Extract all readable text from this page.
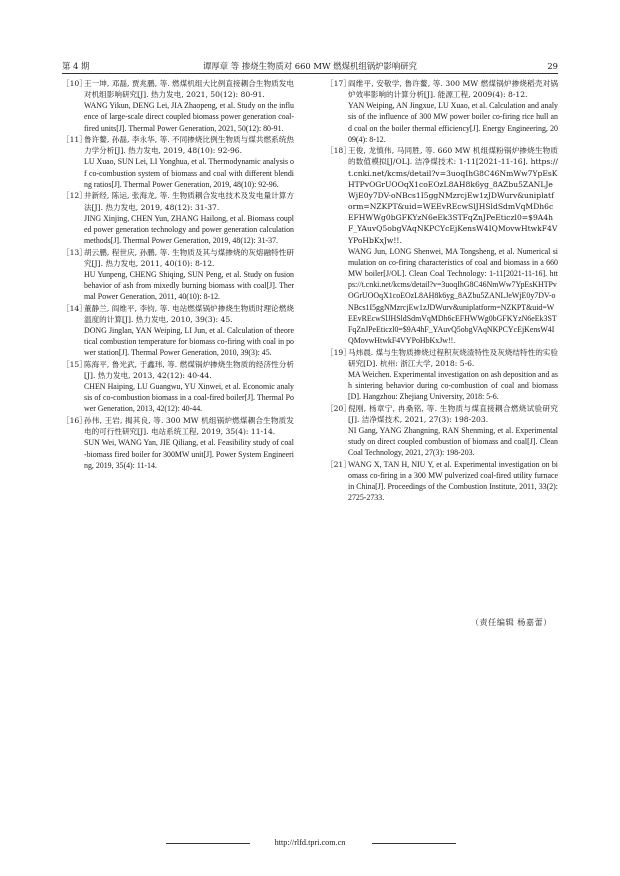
第 4 期	谭厚章 等 掺烧生物质对 660 MW 燃煤机组锅炉影响研究	29
［10］
王一坤, 邓磊, 贾兆鹏, 等. 燃煤机组大比例直接耦合生物质发电对机组影响研究[J]. 热力发电, 2021, 50(12): 80-91.
WANG Yikun, DENG Lei, JIA Zhaopeng, et al. Study on the influence of large-scale direct coupled biomass power generation coal-fired units[J]. Thermal Power Generation, 2021, 50(12): 80-91.
［11］
鲁许鳌, 孙磊, 李永华, 等. 不同掺烧比例生物质与煤共燃系统热力学分析[J]. 热力发电, 2019, 48(10): 92-96.
LU Xuao, SUN Lei, LI Yonghua, et al. Thermodynamic analysis of co-combustion system of biomass and coal with different blending ratios[J]. Thermal Power Generation, 2019, 48(10): 92-96.
［12］
井新经, 陈运, 张海龙, 等. 生物质耦合发电技术及发电量计算方法[J]. 热力发电, 2019, 48(12): 31-37.
JING Xinjing, CHEN Yun, ZHANG Hailong, et al. Biomass coupled power generation technology and power generation calculation methods[J]. Thermal Power Generation, 2019, 48(12): 31-37.
［13］
胡云鹏, 程世庆, 孙鹏, 等. 生物质及其与煤掺烧的灰熔融特性研究[J]. 热力发电, 2011, 40(10): 8-12.
HU Yunpeng, CHENG Shiqing, SUN Peng, et al. Study on fusion behavior of ash from mixedly burning biomass with coal[J]. Thermal Power Generation, 2011, 40(10): 8-12.
［14］
董静兰, 阎维平, 李钧, 等. 电站燃煤锅炉掺烧生物质时理论燃烧温度的计算[J]. 热力发电, 2010, 39(3): 45.
DONG Jinglan, YAN Weiping, LI Jun, et al. Calculation of theoretical combustion temperature for biomass co-firing with coal in power station[J]. Thermal Power Generation, 2010, 39(3): 45.
［15］
陈海平, 鲁光武, 于鑫玮, 等. 燃煤锅炉掺烧生物质的经济性分析[J]. 热力发电, 2013, 42(12): 40-44.
CHEN Haiping, LU Guangwu, YU Xinwei, et al. Economic analysis of co-combustion biomass in a coal-fired boiler[J]. Thermal Power Generation, 2013, 42(12): 40-44.
［16］
孙伟, 王岩, 揭其良, 等. 300 MW 机组锅炉燃煤耦合生物质发电的可行性研究[J]. 电站系统工程, 2019, 35(4): 11-14.
SUN Wei, WANG Yan, JIE Qiliang, et al. Feasibility study of coal-biomass fired boiler for 300MW unit[J]. Power System Engineering, 2019, 35(4): 11-14.
［17］
阎维平, 安敬学, 鲁许鳌, 等. 300 MW 燃煤锅炉掺烧稻壳对锅炉效率影响的计算分析[J]. 能源工程, 2009(4): 8-12.
YAN Weiping, AN Jingxue, LU Xuao, et al. Calculation and analysis of the influence of 300 MW power boiler co-firing rice hull and coal on the boiler thermal efficiency[J]. Energy Engineering, 2009(4): 8-12.
［18］
王俊, 龙慎伟, 马同胜, 等. 660 MW 机组煤粉锅炉掺烧生物质的数值模拟[J/OL]. 洁净煤技术: 1-11[2021-11-16]. https://t.cnki.net/kcms/detail?v=3uoqIhG8C46NmWw7YpEsKHTPvOGrUOOqX1coEOzL8AH8k6yg_8AZbu5ZANLJeWjE0y7DV-oNBcs1I5ggNMzrcjEw1zJDWurv&uniplatform=NZKPT&uid=WEEvREcwSlJHSldSdmVqMDh6cEFHWWg0bGFKYzN6eEk3STFqZnJPeEticzl0=$9A4hF_YAuvQ5obgVAqNKPCYcEjKensW4IQMovwHtwkF4VYPoHbKxJw!!.
WANG Jun, LONG Shenwei, MA Tongsheng, et al. Numerical simulation on co-firing characteristics of coal and biomass in a 660 MW boiler[J/OL]. Clean Coal Technology: 1-11[2021-11-16]. https://t.cnki.net/kcms/detail?v=3uoqIhG8C46NmWw7YpEsKHTPvOGrUOOqX1coEOzL8AH8k6yg_8AZbu5ZANLJeWjE0y7DV-oNBcs1I5ggNMzrcjEw1zJDWurv&uniplatform=NZKPT&uid=WEEvREcwSlJHSldSdmVqMDh6cEFHWWg0bGFKYzN6eEk3STFqZnJPeEticzl0=$9A4hF_YAuvQ5obgVAqNKPCYcEjKensW4IQMovwHtwkF4VYPoHbKxJw!!.
［19］
马炜晨. 煤与生物质掺烧过程积灰烧渣特性及灰烧结特性的实验研究[D]. 杭州: 浙江大学, 2018: 5-6.
MA Weichen. Experimental investigation on ash deposition and ash sintering behavior during co-combustion of coal and biomass[D]. Hangzhou: Zhejiang University, 2018: 5-6.
［20］
倪刚, 杨章宁, 冉桑铭, 等. 生物质与煤直接耦合燃烧试验研究[J]. 洁净煤技术, 2021, 27(3): 198-203.
NI Gang, YANG Zhangning, RAN Shenming, et al. Experimental study on direct coupled combustion of biomass and coal[J]. Clean Coal Technology, 2021, 27(3): 198-203.
［21］
WANG X, TAN H, NIU Y, et al. Experimental investigation on biomass co-firing in a 300 MW pulverized coal-fired utility furnace in China[J]. Proceedings of the Combustion Institute, 2011, 33(2): 2725-2733.
（责任编辑 杨嘉蕾）
http://rlfd.tpri.com.cn
